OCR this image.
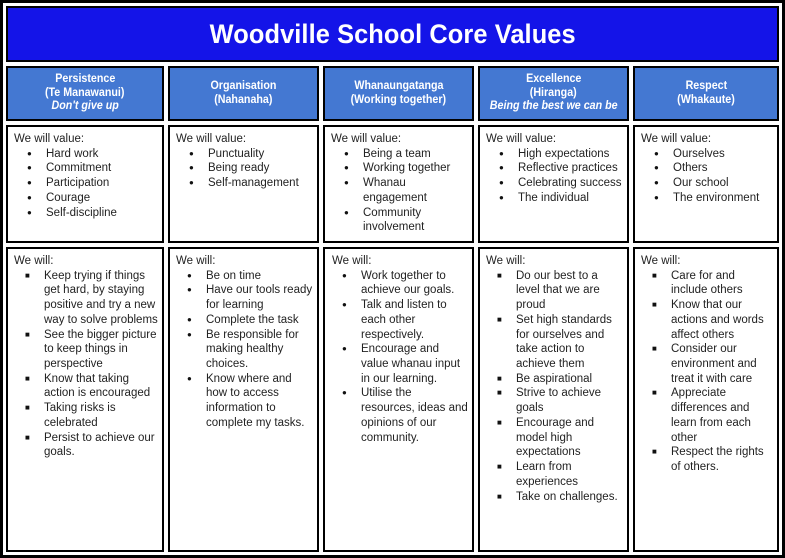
Woodville School Core Values
Persistence
(Te Manawanui)
Don't give up
Organisation
(Nahanaha)
Whanaungatanga
(Working together)
Excellence
(Hiranga)
Being the best we can be
Respect
(Whakaute)

We will value:

● Hard work
● Commitment
● Participation
● Courage
● Self-discipline

We will value:

● Punctuality
● Being ready
● Self-management

We will value:

● Being a team
● Working together
● Whanau engagement
● Community involvement

We will value:

● High expectations
● Reflective practices
● Celebrating success
● The individual

We will value:

● Ourselves
● Others
● Our school
● The environment

We will:

■ Keep trying if things get hard, by staying positive and try a new way to solve problems
■ See the bigger picture to keep things in perspective
■ Know that taking action is encouraged
■ Taking risks is celebrated
■ Persist to achieve our goals.

We will:

● Be on time
● Have our tools ready for learning
● Complete the task
● Be responsible for making healthy choices.
● Know where and how to access information to complete my tasks.

We will:

● Work together to achieve our goals.
● Talk and listen to each other respectively.
● Encourage and value whanau input in our learning.
● Utilise the resources, ideas and opinions of our community.

We will:

■ Do our best to a level that we are proud
■ Set high standards for ourselves and take action to achieve them
■ Be aspirational
■ Strive to achieve goals
■ Encourage and model high expectations
■ Learn from experiences
■ Take on challenges.

We will:

■ Care for and include others
■ Know that our actions and words affect others
■ Consider our environment and treat it with care
■ Appreciate differences and learn from each other
■ Respect the rights of others.
